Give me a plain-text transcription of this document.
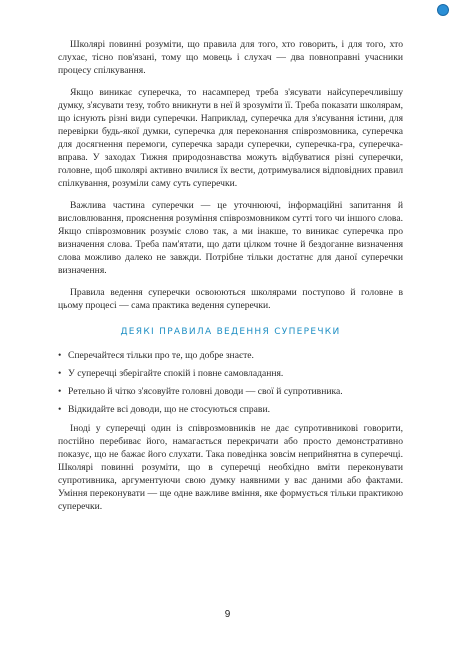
Школярі повинні розуміти, що правила для того, хто говорить, і для того, хто слухає, тісно пов'язані, тому що мовець і слухач — два повноправні учасники процесу спілкування.

Якщо виникає суперечка, то насамперед треба з'ясувати найсуперечливішу думку, з'ясувати тезу, тобто вникнути в неї й зрозуміти її. Треба показати школярам, що існують різні види суперечки. Наприклад, суперечка для з'ясування істини, для перевірки будь-якої думки, суперечка для переконання співрозмовника, суперечка для досягнення перемоги, суперечка заради суперечки, суперечка-гра, суперечка-вправа. У заходах Тижня природознавства можуть відбуватися різні суперечки, головне, щоб школярі активно вчилися їх вести, дотримувалися відповідних правил спілкування, розуміли саму суть суперечки.

Важлива частина суперечки — це уточнюючі, інформаційні запитання й висловлювання, прояснення розуміння співрозмовником сутті того чи іншого слова. Якщо співрозмовник розуміє слово так, а ми інакше, то виникає суперечка про визначення слова. Треба пам'ятати, що дати цілком точне й бездоганне визначення слова можливо далеко не завжди. Потрібне тільки достатнє для даної суперечки визначення.

Правила ведення суперечки освоюються школярами поступово й головне в цьому процесі — сама практика ведення суперечки.

ДЕЯКІ ПРАВИЛА ВЕДЕННЯ СУПЕРЕЧКИ

• Сперечайтеся тільки про те, що добре знаєте.
• У суперечці зберігайте спокій і повне самовладання.
• Ретельно й чітко з'ясовуйте головні доводи — свої й супротивника.
• Відкидайте всі доводи, що не стосуються справи.

Іноді у суперечці один із співрозмовників не дає супротивникові говорити, постійно перебиває його, намагається перекричати або просто демонстративно показує, що не бажає його слухати. Така поведінка зовсім неприйнятна в суперечці. Школярі повинні розуміти, що в суперечці необхідно вміти переконувати супротивника, аргументуючи свою думку наявними у вас даними або фактами. Уміння переконувати — ще одне важливе вміння, яке формується тільки практикою суперечки.

9
